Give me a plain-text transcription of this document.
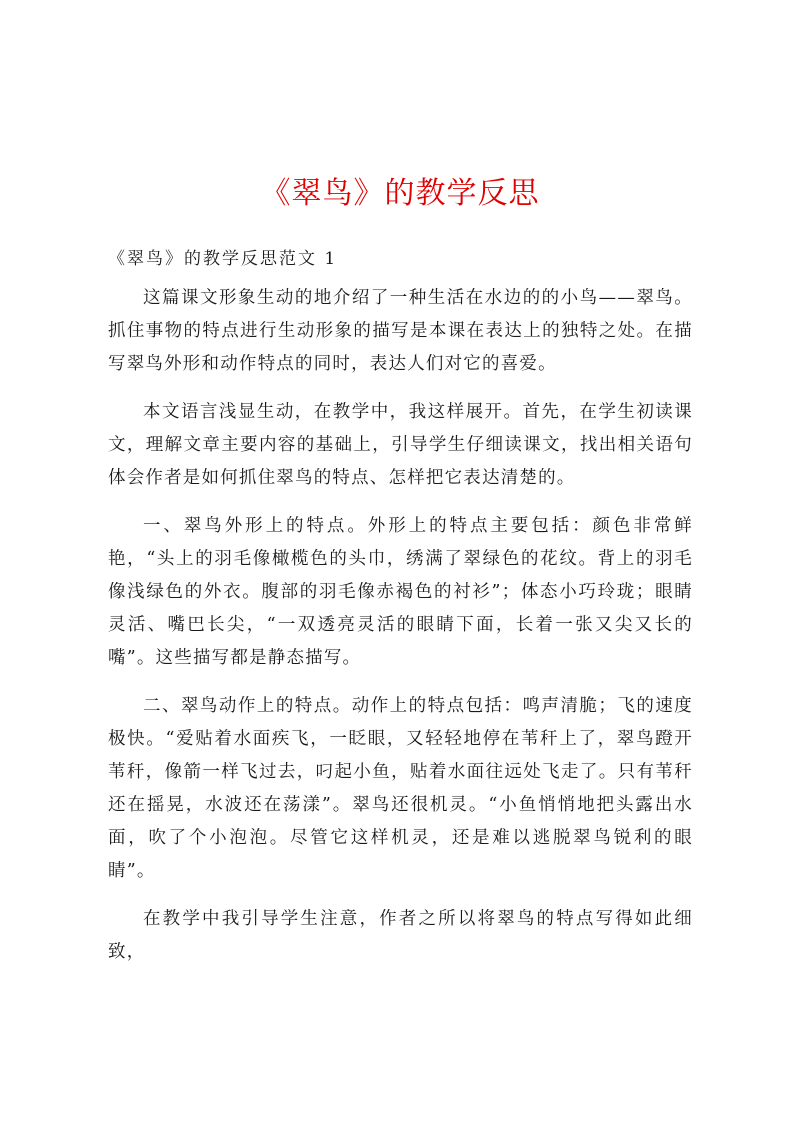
《翠鸟》的教学反思
《翠鸟》的教学反思范文 1

这篇课文形象生动的地介绍了一种生活在水边的的小鸟——翠鸟。抓住事物的特点进行生动形象的描写是本课在表达上的独特之处。在描写翠鸟外形和动作特点的同时，表达人们对它的喜爱。

本文语言浅显生动，在教学中，我这样展开。首先，在学生初读课文，理解文章主要内容的基础上，引导学生仔细读课文，找出相关语句体会作者是如何抓住翠鸟的特点、怎样把它表达清楚的。

一、翠鸟外形上的特点。外形上的特点主要包括：颜色非常鲜艳，“头上的羽毛像橄榄色的头巾，绣满了翠绿色的花纹。背上的羽毛像浅绿色的外衣。腹部的羽毛像赤褐色的衬衫”；体态小巧玲珑；眼睛灵活、嘴巴长尖，“一双透亮灵活的眼睛下面，长着一张又尖又长的嘴”。这些描写都是静态描写。

二、翠鸟动作上的特点。动作上的特点包括：鸣声清脆；飞的速度极快。“爱贴着水面疾飞，一眨眼，又轻轻地停在苇秆上了，翠鸟蹬开苇秆，像箭一样飞过去，叼起小鱼，贴着水面往远处飞走了。只有苇秆还在摇晃，水波还在荡漾”。翠鸟还很机灵。“小鱼悄悄地把头露出水面，吹了个小泡泡。尽管它这样机灵，还是难以逃脱翠鸟锐利的眼睛”。

在教学中我引导学生注意，作者之所以将翠鸟的特点写得如此细致，
